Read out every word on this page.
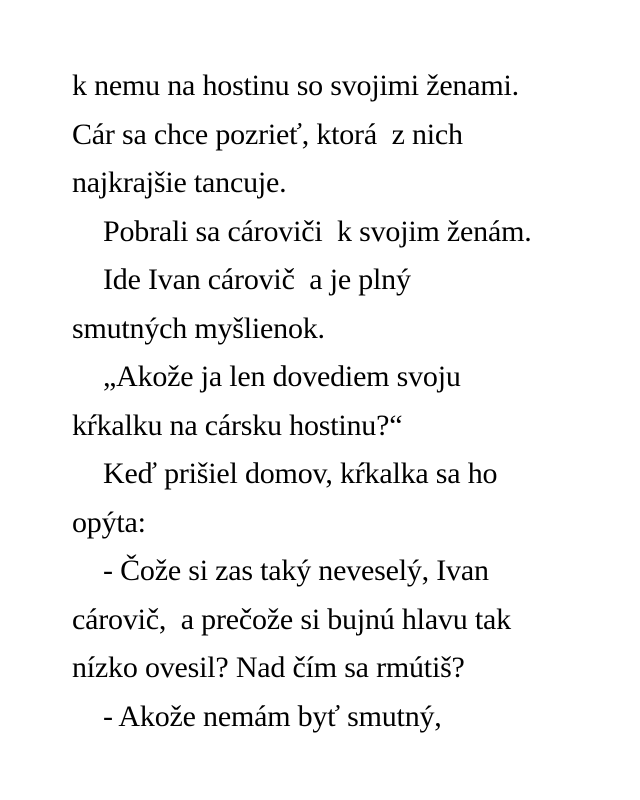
k nemu na hostinu so svojimi ženami.
Cár sa chce pozrieť, ktorá  z nich
najkrajšie tancuje.
Pobrali sa cároviči  k svojim ženám.
Ide Ivan cárovič  a je plný
smutných myšlienok.
„Akože ja len dovediem svoju
kŕkalku na cársku hostinu?“
Keď prišiel domov, kŕkalka sa ho
opýta:
- Čože si zas taký neveselý, Ivan
cárovič,  a prečože si bujnú hlavu tak
nízko ovesil? Nad čím sa rmútiš?
- Akože nemám byť smutný,
